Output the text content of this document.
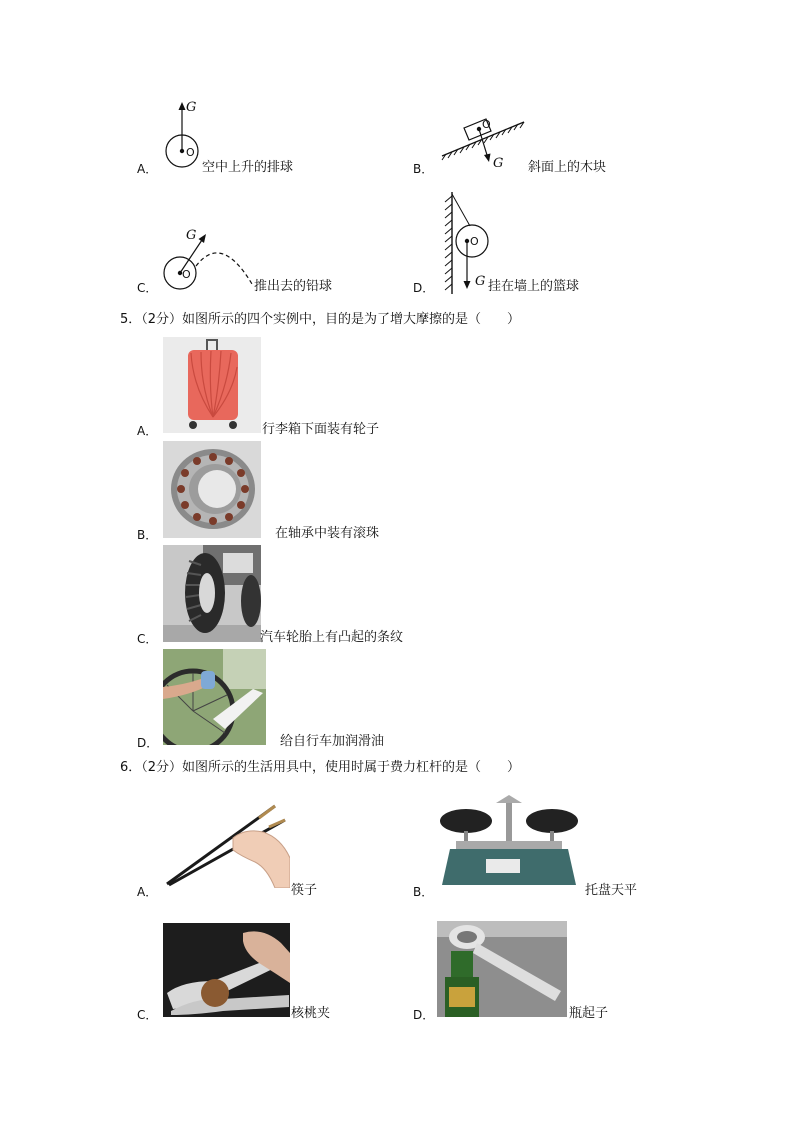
G
O
A．	空中上升的排球
O
G
B．	斜面上的木块
G
O
C．	推出去的铅球
O
G
D．	挂在墙上的篮球
5．（2分）如图所示的四个实例中，目的是为了增大摩擦的是（　　）
A．	行李箱下面装有轮子
B．	在轴承中装有滚珠
C．	汽车轮胎上有凸起的条纹
D．	给自行车加润滑油
6．（2分）如图所示的生活用具中，使用时属于费力杠杆的是（　　）
A．	筷子	B．	托盘天平
C．	核桃夹	D．	瓶起子
